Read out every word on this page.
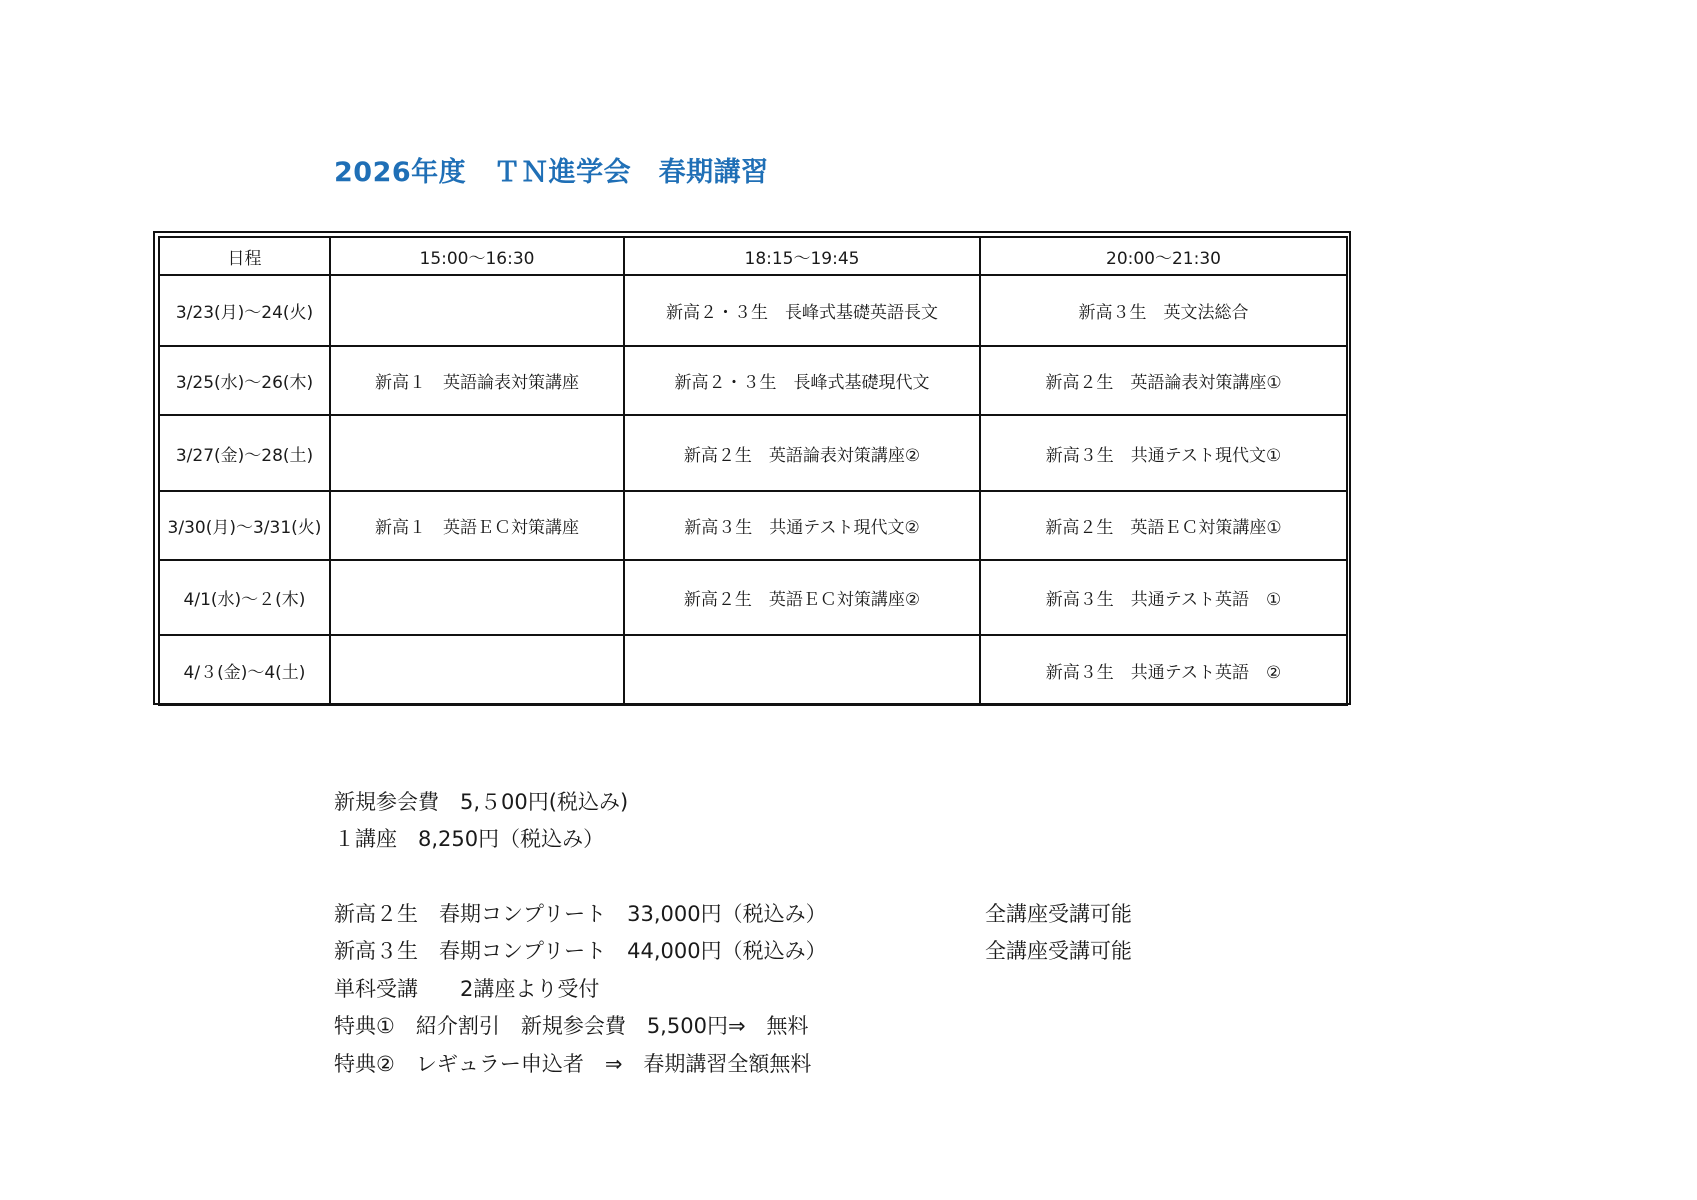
2026年度　ＴＮ進学会　春期講習
日程	15:00～16:30	18:15～19:45	20:00～21:30
3/23(月)～24(火)		新高２・３生　長峰式基礎英語長文	新高３生　英文法総合
3/25(水)～26(木)	新高１　英語論表対策講座	新高２・３生　長峰式基礎現代文	新高２生　英語論表対策講座①
3/27(金)～28(土)		新高２生　英語論表対策講座②	新高３生　共通テスト現代文①
3/30(月)～3/31(火)	新高１　英語ＥＣ対策講座	新高３生　共通テスト現代文②	新高２生　英語ＥＣ対策講座①
4/1(水)～２(木)		新高２生　英語ＥＣ対策講座②	新高３生　共通テスト英語　①
4/３(金)～4(土)			新高３生　共通テスト英語　②
新規参会費　5,５00円(税込み)
１講座　8,250円（税込み）
新高２生　春期コンプリート　33,000円（税込み）	全講座受講可能
新高３生　春期コンプリート　44,000円（税込み）	全講座受講可能
単科受講　　2講座より受付
特典①　紹介割引　新規参会費　5,500円⇒　無料
特典②　レギュラー申込者　⇒　春期講習全額無料
